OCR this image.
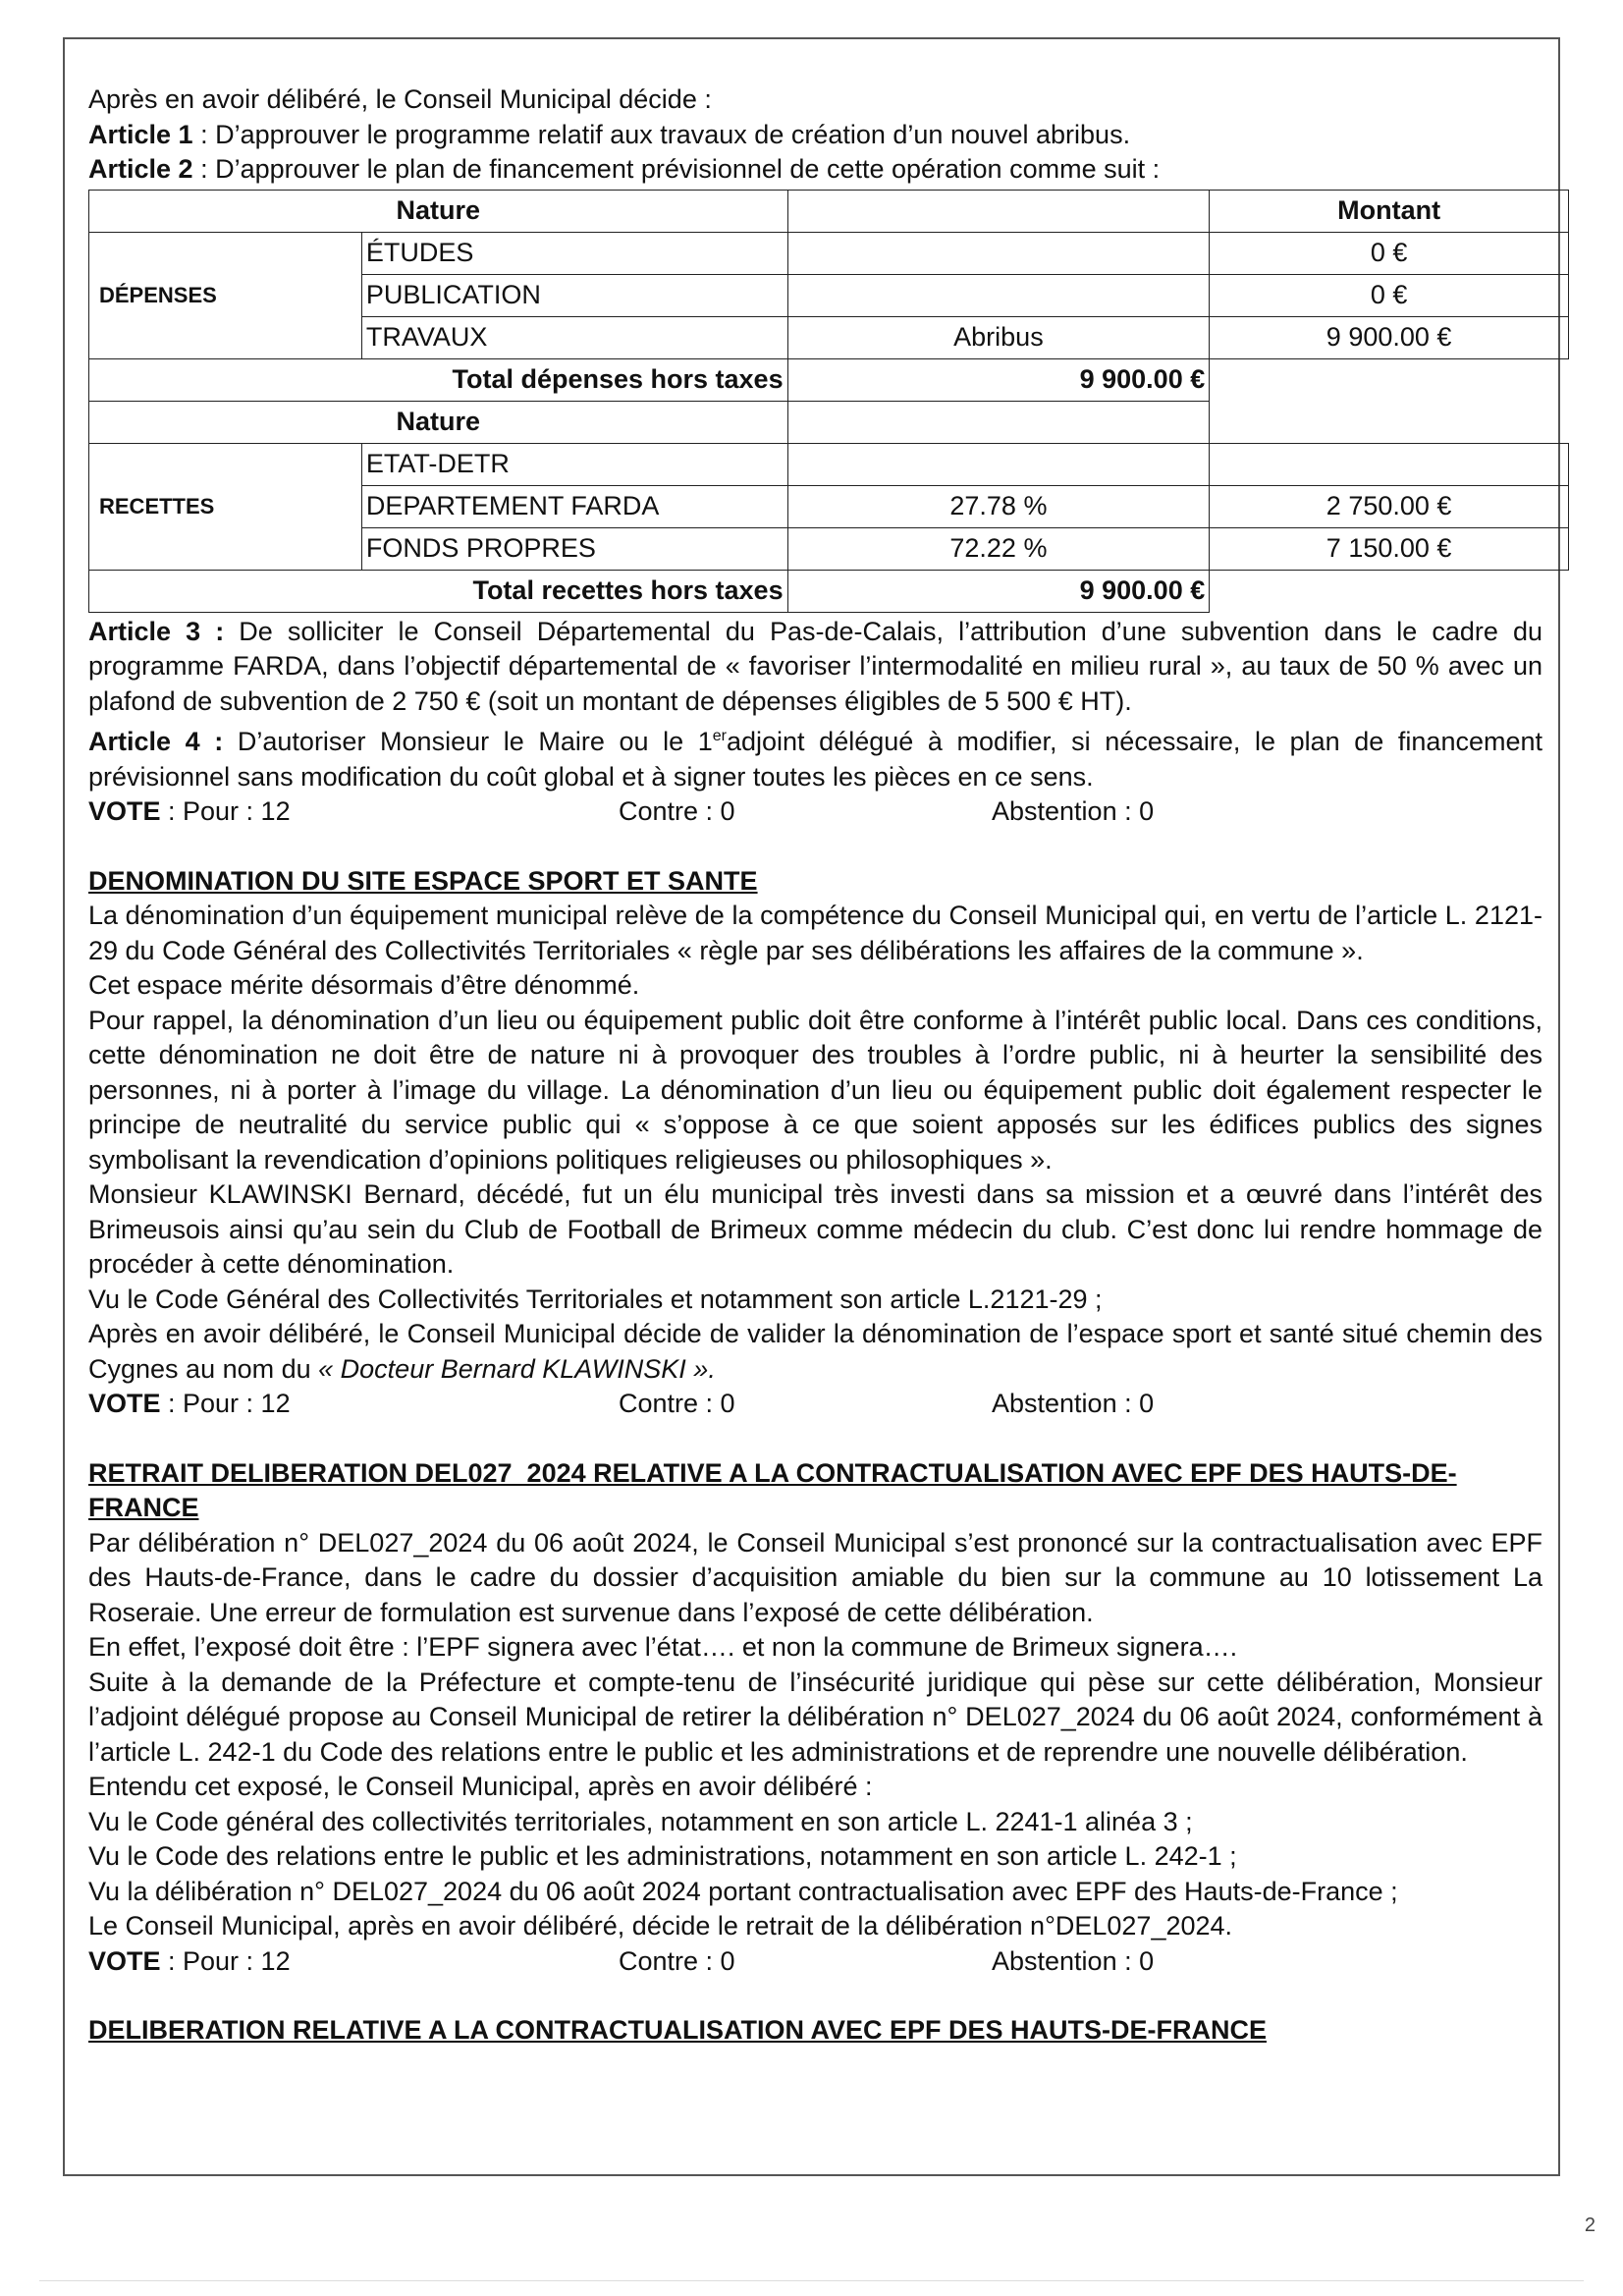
Après en avoir délibéré, le Conseil Municipal décide :

Article 1 : D’approuver le programme relatif aux travaux de création d’un nouvel abribus.

Article 2 : D’approuver le plan de financement prévisionnel de cette opération comme suit :

Nature			Montant
DÉPENSES	ÉTUDES		0 €
	PUBLICATION		0 €
	TRAVAUX	Abribus	9 900.00 €
Total dépenses hors taxes		9 900.00 €	
Nature			
RECETTES	ETAT-DETR		
	DEPARTEMENT FARDA	27.78 %	2 750.00 €
	FONDS PROPRES	72.22 %	7 150.00 €
Total recettes hors taxes		9 900.00 €	

Article 3 : De solliciter le Conseil Départemental du Pas-de-Calais, l’attribution d’une subvention dans le cadre du programme FARDA, dans l’objectif départemental de « favoriser l’intermodalité en milieu rural », au taux de 50 % avec un plafond de subvention de 2 750 € (soit un montant de dépenses éligibles de 5 500 € HT).

Article 4 : D’autoriser Monsieur le Maire ou le 1eradjoint délégué à modifier, si nécessaire, le plan de financement prévisionnel sans modification du coût global et à signer toutes les pièces en ce sens.

VOTE : Pour : 12	Contre : 0	Abstention : 0

DENOMINATION DU SITE ESPACE SPORT ET SANTE

La dénomination d’un équipement municipal relève de la compétence du Conseil Municipal qui, en vertu de l’article L. 2121-29 du Code Général des Collectivités Territoriales « règle par ses délibérations les affaires de la commune ».

Cet espace mérite désormais d’être dénommé.

Pour rappel, la dénomination d’un lieu ou équipement public doit être conforme à l’intérêt public local. Dans ces conditions, cette dénomination ne doit être de nature ni à provoquer des troubles à l’ordre public, ni à heurter la sensibilité des personnes, ni à porter à l’image du village. La dénomination d’un lieu ou équipement public doit également respecter le principe de neutralité du service public qui « s’oppose à ce que soient apposés sur les édifices publics des signes symbolisant la revendication d’opinions politiques religieuses ou philosophiques ».

Monsieur KLAWINSKI Bernard, décédé, fut un élu municipal très investi dans sa mission et a œuvré dans l’intérêt des Brimeusois ainsi qu’au sein du Club de Football de Brimeux comme médecin du club. C’est donc lui rendre hommage de procéder à cette dénomination.

Vu le Code Général des Collectivités Territoriales et notamment son article L.2121-29 ;

Après en avoir délibéré, le Conseil Municipal décide de valider la dénomination de l’espace sport et santé situé chemin des Cygnes au nom du « Docteur Bernard KLAWINSKI ».

VOTE : Pour : 12	Contre : 0	Abstention : 0

RETRAIT DELIBERATION DEL027_2024 RELATIVE A LA CONTRACTUALISATION AVEC EPF DES HAUTS-DE-FRANCE

Par délibération n° DEL027_2024 du 06 août 2024, le Conseil Municipal s’est prononcé sur la contractualisation avec EPF des Hauts-de-France, dans le cadre du dossier d’acquisition amiable du bien sur la commune au 10 lotissement La Roseraie. Une erreur de formulation est survenue dans l’exposé de cette délibération.

En effet, l’exposé doit être : l’EPF signera avec l’état…. et non la commune de Brimeux signera….

Suite à la demande de la Préfecture et compte-tenu de l’insécurité juridique qui pèse sur cette délibération, Monsieur l’adjoint délégué propose au Conseil Municipal de retirer la délibération n° DEL027_2024 du 06 août 2024, conformément à l’article L. 242-1 du Code des relations entre le public et les administrations et de reprendre une nouvelle délibération.

Entendu cet exposé, le Conseil Municipal, après en avoir délibéré :

Vu le Code général des collectivités territoriales, notamment en son article L. 2241-1 alinéa 3 ;

Vu le Code des relations entre le public et les administrations, notamment en son article L. 242-1 ;

Vu la délibération n° DEL027_2024 du 06 août 2024 portant contractualisation avec EPF des Hauts-de-France ;

Le Conseil Municipal, après en avoir délibéré, décide le retrait de la délibération n°DEL027_2024.

VOTE : Pour : 12	Contre : 0	Abstention : 0

DELIBERATION RELATIVE A LA CONTRACTUALISATION AVEC EPF DES HAUTS-DE-FRANCE

2
